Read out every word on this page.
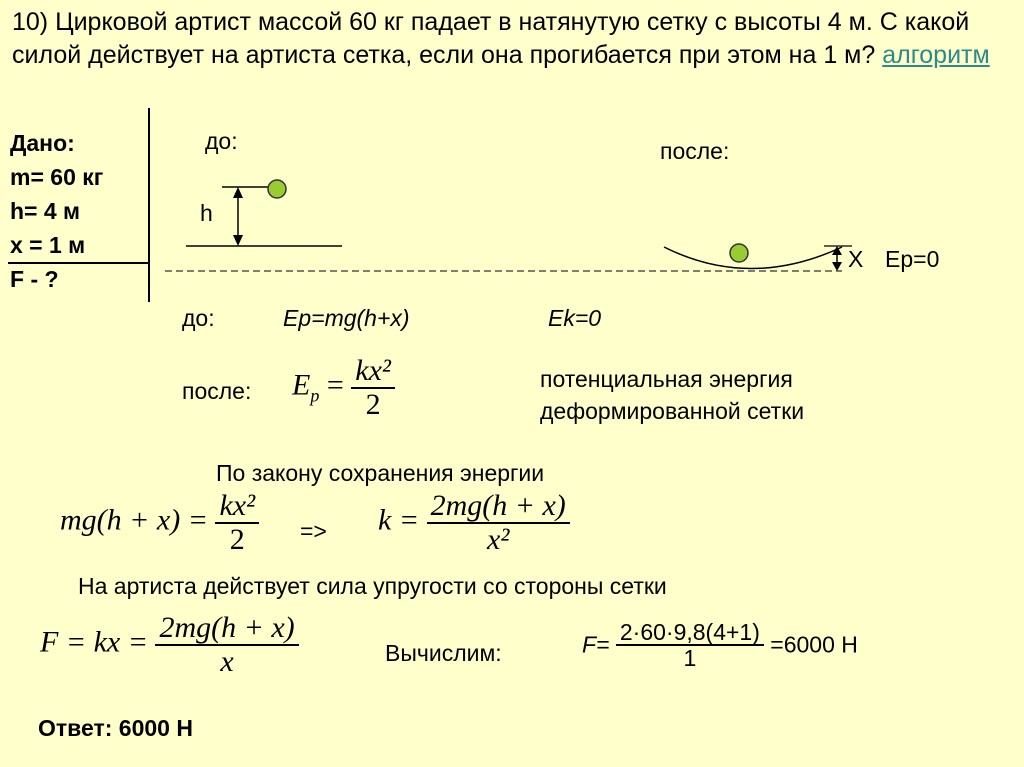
10) Цирковой артист массой 60 кг падает в натянутую сетку с высоты 4 м. С какой силой действует на артиста сетка, если она прогибается при этом на 1 м? алгоритм
Дано:
m= 60 кг
h= 4 м
x = 1 м
F - ?
до:	после:
h
X Ep=0
до:	Ep=mg(h+x)	Ek=0
после: $E_p = \frac{\text{kx²}}{2}$	потенциальная энергия
деформированной сетки
По закону сохранения энергии
$mg(h + x) = \frac{\text{kx²}}{2} => k = \frac{2mg(h + x)}{\text{x²}}$
На артиста действует сила упругости со стороны сетки
F = kx = $\frac{2mg(h + x)}{x}$	Вычислим:	$F= \frac{2\cdot 60\cdot 9,8(4+1)}{1} =6000$ Н
Ответ: 6000 Н
